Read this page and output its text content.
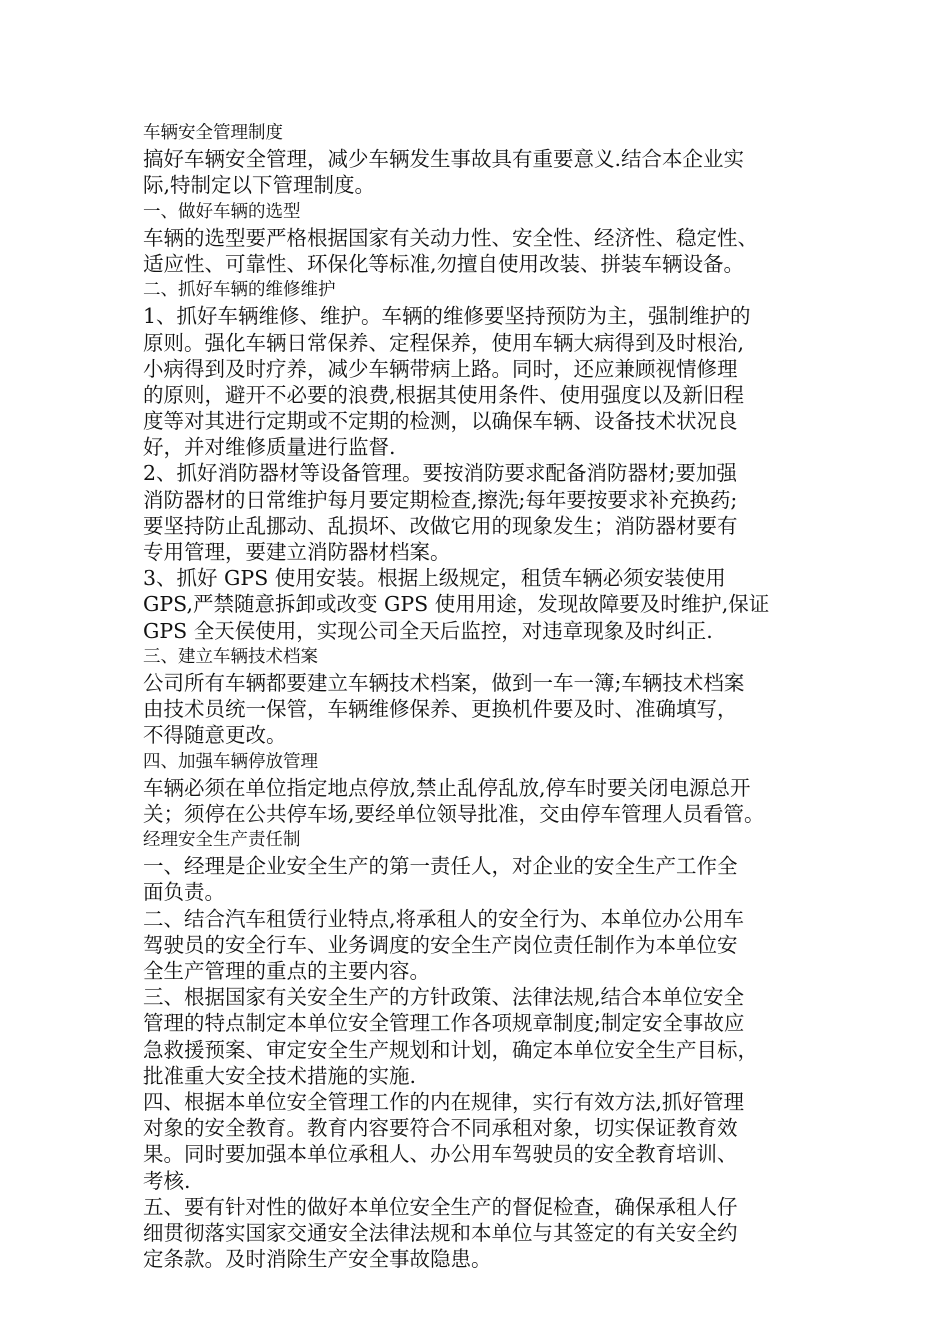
车辆安全管理制度
搞好车辆安全管理，减少车辆发生事故具有重要意义.结合本企业实
际,特制定以下管理制度。
一、做好车辆的选型
车辆的选型要严格根据国家有关动力性、安全性、经济性、稳定性、
适应性、可靠性、环保化等标准,勿擅自使用改装、拼装车辆设备。
二、抓好车辆的维修维护
1、抓好车辆维修、维护。车辆的维修要坚持预防为主，强制维护的
原则。强化车辆日常保养、定程保养，使用车辆大病得到及时根治,
小病得到及时疗养，减少车辆带病上路。同时，还应兼顾视情修理
的原则，避开不必要的浪费,根据其使用条件、使用强度以及新旧程
度等对其进行定期或不定期的检测，以确保车辆、设备技术状况良
好，并对维修质量进行监督.
2、抓好消防器材等设备管理。要按消防要求配备消防器材;要加强
消防器材的日常维护每月要定期检查,擦洗;每年要按要求补充换药;
要坚持防止乱挪动、乱损坏、改做它用的现象发生；消防器材要有
专用管理，要建立消防器材档案。
3、抓好 GPS 使用安装。根据上级规定，租赁车辆必须安装使用
GPS,严禁随意拆卸或改变 GPS 使用用途，发现故障要及时维护,保证
GPS 全天侯使用，实现公司全天后监控，对违章现象及时纠正.
三、建立车辆技术档案
公司所有车辆都要建立车辆技术档案，做到一车一簿;车辆技术档案
由技术员统一保管，车辆维修保养、更换机件要及时、准确填写，
不得随意更改。
四、加强车辆停放管理
车辆必须在单位指定地点停放,禁止乱停乱放,停车时要关闭电源总开
关；须停在公共停车场,要经单位领导批准，交由停车管理人员看管。
经理安全生产责任制
一、经理是企业安全生产的第一责任人，对企业的安全生产工作全
面负责。
二、结合汽车租赁行业特点,将承租人的安全行为、本单位办公用车
驾驶员的安全行车、业务调度的安全生产岗位责任制作为本单位安
全生产管理的重点的主要内容。
三、根据国家有关安全生产的方针政策、法律法规,结合本单位安全
管理的特点制定本单位安全管理工作各项规章制度;制定安全事故应
急救援预案、审定安全生产规划和计划，确定本单位安全生产目标，
批准重大安全技术措施的实施.
四、根据本单位安全管理工作的内在规律，实行有效方法,抓好管理
对象的安全教育。教育内容要符合不同承租对象，切实保证教育效
果。同时要加强本单位承租人、办公用车驾驶员的安全教育培训、
考核.
五、要有针对性的做好本单位安全生产的督促检查，确保承租人仔
细贯彻落实国家交通安全法律法规和本单位与其签定的有关安全约
定条款。及时消除生产安全事故隐患。
